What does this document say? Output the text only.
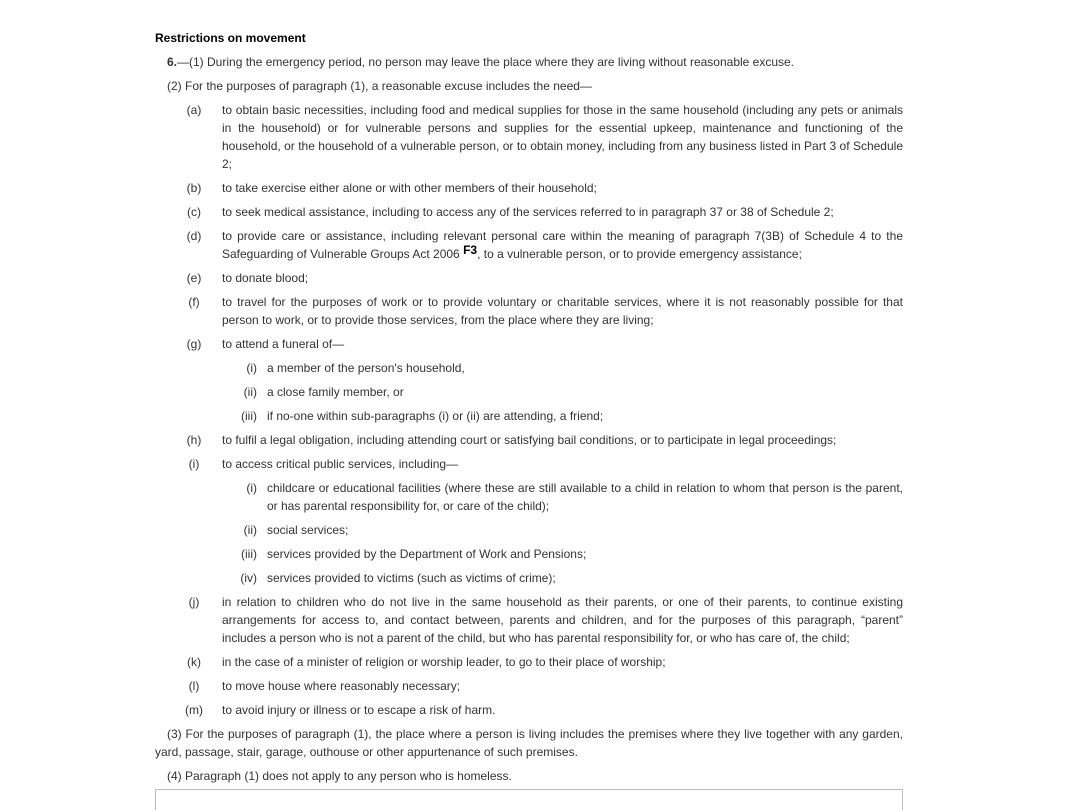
Restrictions on movement
6.—(1) During the emergency period, no person may leave the place where they are living without reasonable excuse.
(2) For the purposes of paragraph (1), a reasonable excuse includes the need—
(a)	to obtain basic necessities, including food and medical supplies for those in the same household (including any pets or animals in the household) or for vulnerable persons and supplies for the essential upkeep, maintenance and functioning of the household, or the household of a vulnerable person, or to obtain money, including from any business listed in Part 3 of Schedule 2;
(b)	to take exercise either alone or with other members of their household;
(c)	to seek medical assistance, including to access any of the services referred to in paragraph 37 or 38 of Schedule 2;
(d)	to provide care or assistance, including relevant personal care within the meaning of paragraph 7(3B) of Schedule 4 to the Safeguarding of Vulnerable Groups Act 2006 F3, to a vulnerable person, or to provide emergency assistance;
(e)	to donate blood;
(f)	to travel for the purposes of work or to provide voluntary or charitable services, where it is not reasonably possible for that person to work, or to provide those services, from the place where they are living;
(g)	to attend a funeral of—
(i) a member of the person's household,
(ii) a close family member, or
(iii) if no-one within sub-paragraphs (i) or (ii) are attending, a friend;
(h)	to fulfil a legal obligation, including attending court or satisfying bail conditions, or to participate in legal proceedings;
(i)	to access critical public services, including—
(i) childcare or educational facilities (where these are still available to a child in relation to whom that person is the parent, or has parental responsibility for, or care of the child);
(ii) social services;
(iii) services provided by the Department of Work and Pensions;
(iv) services provided to victims (such as victims of crime);
(j)	in relation to children who do not live in the same household as their parents, or one of their parents, to continue existing arrangements for access to, and contact between, parents and children, and for the purposes of this paragraph, “parent” includes a person who is not a parent of the child, but who has parental responsibility for, or who has care of, the child;
(k)	in the case of a minister of religion or worship leader, to go to their place of worship;
(l)	to move house where reasonably necessary;
(m)	to avoid injury or illness or to escape a risk of harm.
(3) For the purposes of paragraph (1), the place where a person is living includes the premises where they live together with any garden, yard, passage, stair, garage, outhouse or other appurtenance of such premises.
(4) Paragraph (1) does not apply to any person who is homeless.
